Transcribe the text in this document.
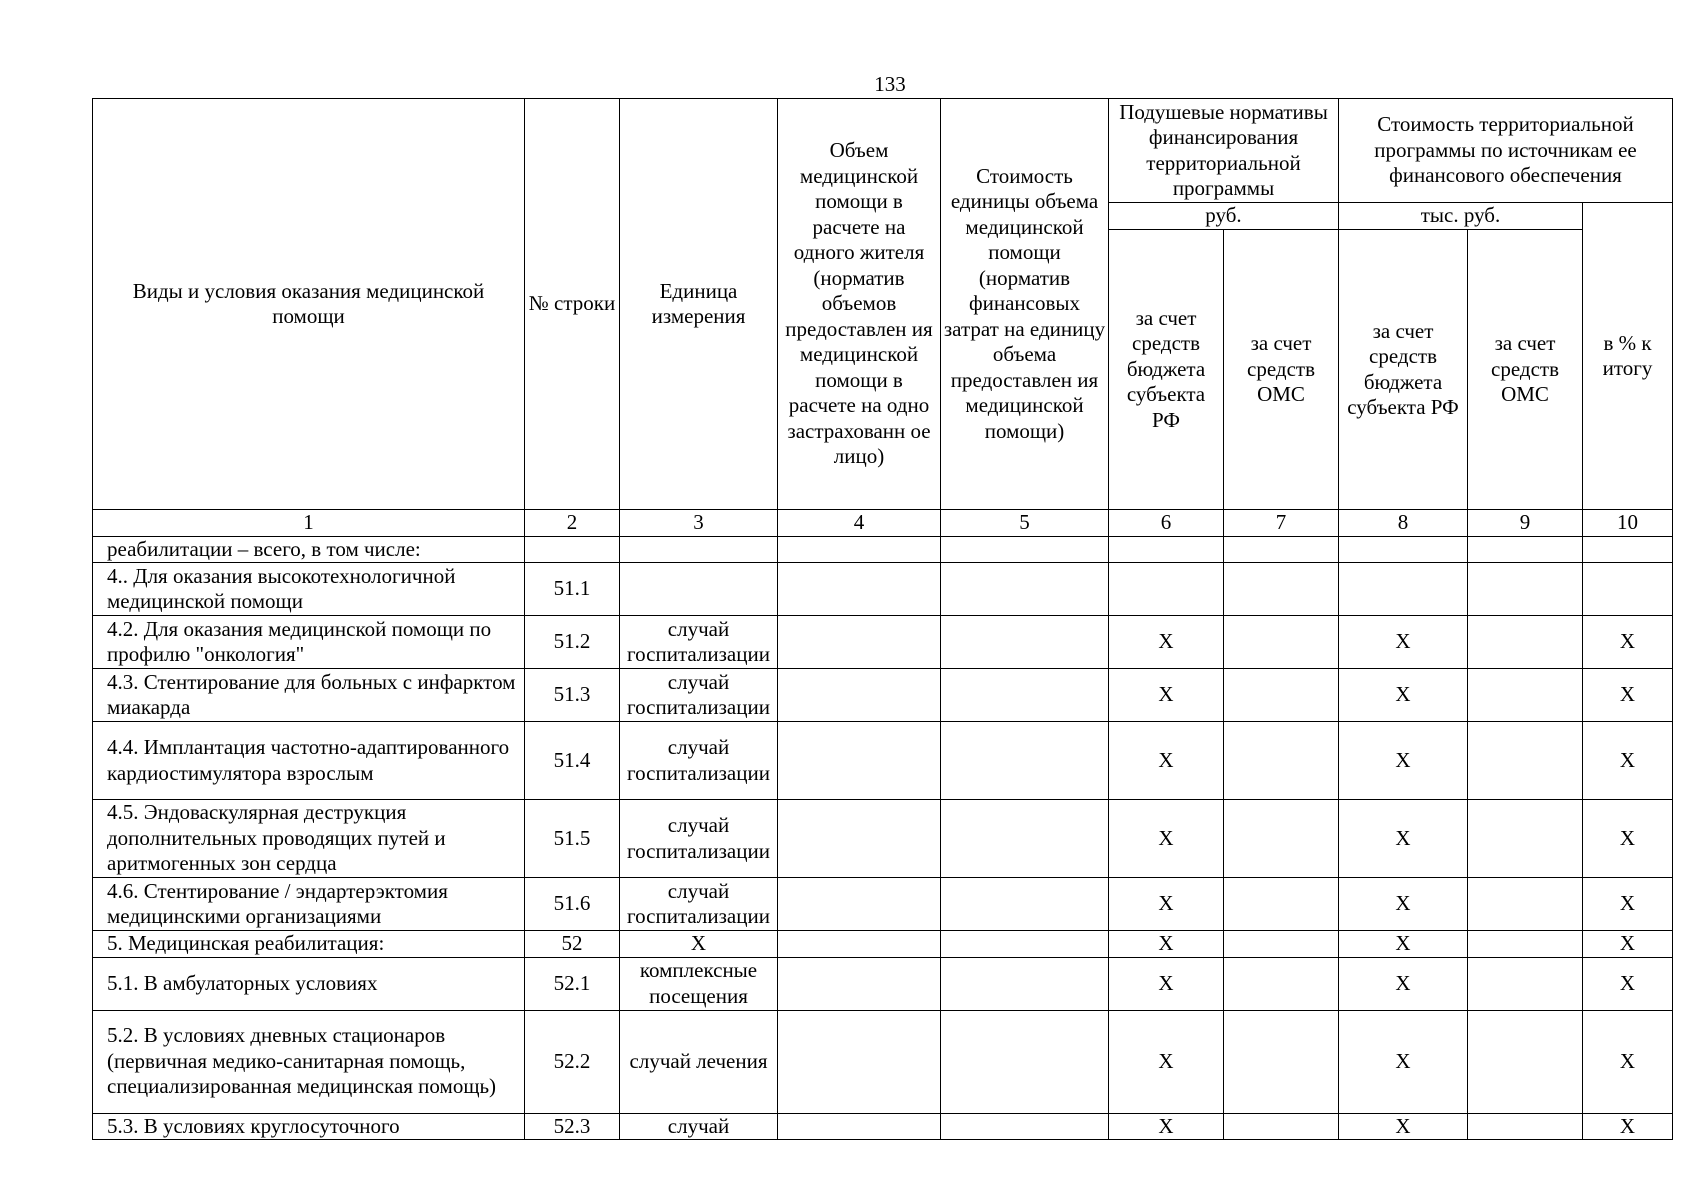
133
Виды и условия оказания медицинской помощи	№ строки	Единица измерения	Объем медицинской помощи в расчете на одного жителя (норматив объемов предоставлен ия медицинской помощи в расчете на одно застрахованн ое лицо)	Стоимость единицы объема медицинской помощи (норматив финансовых затрат на единицу объема предоставлен ия медицинской помощи)	Подушевые нормативы финансирования территориальной программы		Стоимость территориальной программы по источникам ее финансового обеспечения		
					руб.		тыс. руб.		в % к итогу
					за счет средств бюджета субъекта РФ	за счет средств ОМС	за счет средств бюджета субъекта РФ	за счет средств ОМС	
1	2	3	4	5	6	7	8	9	10
реабилитации – всего, в том числе:									
4.. Для оказания высокотехнологичной медицинской помощи	51.1								
4.2. Для оказания медицинской помощи по профилю "онкология"	51.2	случай госпитализации			X		X		X
4.3. Стентирование для больных с инфарктом миакарда	51.3	случай госпитализации			X		X		X
4.4. Имплантация частотно-адаптированного кардиостимулятора взрослым	51.4	случай госпитализации			X		X		X
4.5. Эндоваскулярная деструкция дополнительных проводящих путей и аритмогенных зон сердца	51.5	случай госпитализации			X		X		X
4.6. Стентирование / эндартерэктомия медицинскими организациями	51.6	случай госпитализации			X		X		X
5. Медицинская реабилитация:	52	X			X		X		X
5.1. В амбулаторных условиях	52.1	комплексные посещения			X		X		X
5.2. В условиях дневных стационаров (первичная медико-санитарная помощь, специализированная медицинская помощь)	52.2	случай лечения			X		X		X
5.3. В условиях круглосуточного	52.3	случай			X		X		X
